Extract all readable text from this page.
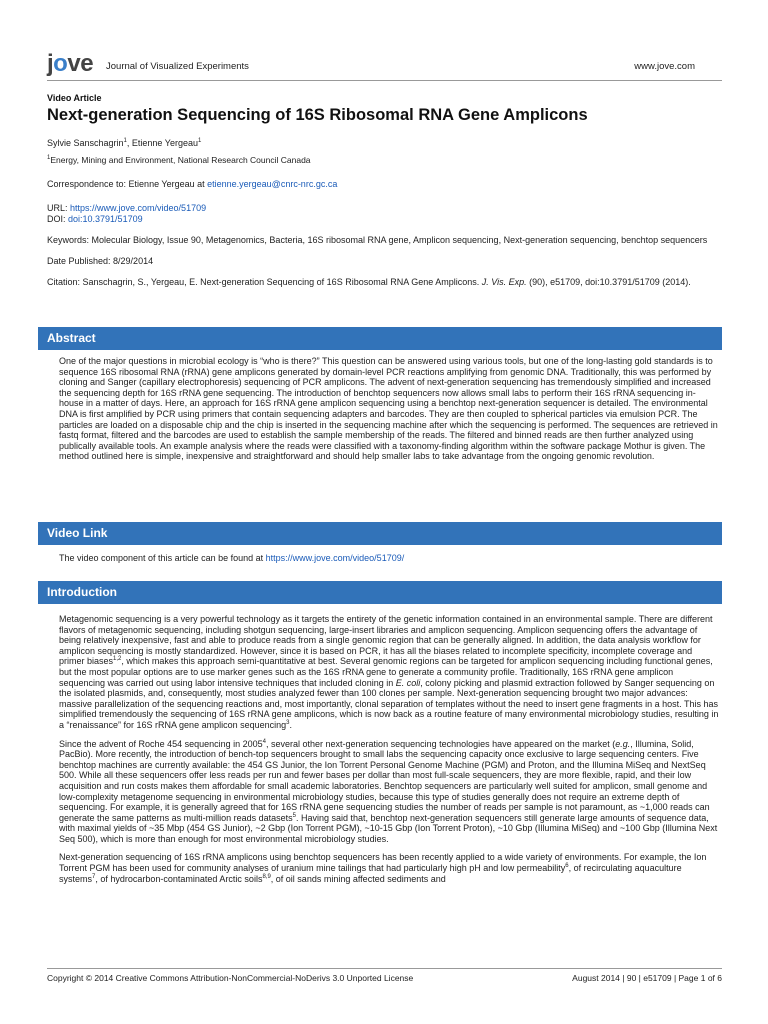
jove Journal of Visualized Experiments	www.jove.com
Video Article
Next-generation Sequencing of 16S Ribosomal RNA Gene Amplicons
Sylvie Sanschagrin$^1$, Etienne Yergeau$^1$
$^1$Energy, Mining and Environment, National Research Council Canada
Correspondence to: Etienne Yergeau at etienne.yergeau@cnrc-nrc.gc.ca
URL: https://www.jove.com/video/51709
DOI: doi:10.3791/51709
Keywords: Molecular Biology, Issue 90, Metagenomics, Bacteria, 16S ribosomal RNA gene, Amplicon sequencing, Next-generation sequencing, benchtop sequencers
Date Published: 8/29/2014
Citation: Sanschagrin, S., Yergeau, E. Next-generation Sequencing of 16S Ribosomal RNA Gene Amplicons. J. Vis. Exp. (90), e51709, doi:10.3791/51709 (2014).
Abstract

One of the major questions in microbial ecology is “who is there?” This question can be answered using various tools, but one of the long-lasting gold standards is to sequence 16S ribosomal RNA (rRNA) gene amplicons generated by domain-level PCR reactions amplifying from genomic DNA. Traditionally, this was performed by cloning and Sanger (capillary electrophoresis) sequencing of PCR amplicons. The advent of next-generation sequencing has tremendously simplified and increased the sequencing depth for 16S rRNA gene sequencing. The introduction of benchtop sequencers now allows small labs to perform their 16S rRNA sequencing in-house in a matter of days. Here, an approach for 16S rRNA gene amplicon sequencing using a benchtop next-generation sequencer is detailed. The environmental DNA is first amplified by PCR using primers that contain sequencing adapters and barcodes. They are then coupled to spherical particles via emulsion PCR. The particles are loaded on a disposable chip and the chip is inserted in the sequencing machine after which the sequencing is performed. The sequences are retrieved in fastq format, filtered and the barcodes are used to establish the sample membership of the reads. The filtered and binned reads are then further analyzed using publically available tools. An example analysis where the reads were classified with a taxonomy-finding algorithm within the software package Mothur is given. The method outlined here is simple, inexpensive and straightforward and should help smaller labs to take advantage from the ongoing genomic revolution.

Video Link

The video component of this article can be found at https://www.jove.com/video/51709/

Introduction

Metagenomic sequencing is a very powerful technology as it targets the entirety of the genetic information contained in an environmental sample. There are different flavors of metagenomic sequencing, including shotgun sequencing, large-insert libraries and amplicon sequencing. Amplicon sequencing offers the advantage of being relatively inexpensive, fast and able to produce reads from a single genomic region that can be generally aligned. In addition, the data analysis workflow for amplicon sequencing is mostly standardized. However, since it is based on PCR, it has all the biases related to incomplete specificity, incomplete coverage and primer biases$^{1,2}$, which makes this approach semi-quantitative at best. Several genomic regions can be targeted for amplicon sequencing including functional genes, but the most popular options are to use marker genes such as the 16S rRNA gene to generate a community profile. Traditionally, 16S rRNA gene amplicon sequencing was carried out using labor intensive techniques that included cloning in E. coli, colony picking and plasmid extraction followed by Sanger sequencing on the isolated plasmids, and, consequently, most studies analyzed fewer than 100 clones per sample. Next-generation sequencing brought two major advances: massive parallelization of the sequencing reactions and, most importantly, clonal separation of templates without the need to insert gene fragments in a host. This has simplified tremendously the sequencing of 16S rRNA gene amplicons, which is now back as a routine feature of many environmental microbiology studies, resulting in a “renaissance” for 16S rRNA gene amplicon sequencing$^3$.

Since the advent of Roche 454 sequencing in 2005$^4$, several other next-generation sequencing technologies have appeared on the market (e.g., Illumina, Solid, PacBio). More recently, the introduction of bench-top sequencers brought to small labs the sequencing capacity once exclusive to large sequencing centers. Five benchtop machines are currently available: the 454 GS Junior, the Ion Torrent Personal Genome Machine (PGM) and Proton, and the Illumina MiSeq and NextSeq 500. While all these sequencers offer less reads per run and fewer bases per dollar than most full-scale sequencers, they are more flexible, rapid, and their low acquisition and run costs makes them affordable for small academic laboratories. Benchtop sequencers are particularly well suited for amplicon, small genome and low-complexity metagenome sequencing in environmental microbiology studies, because this type of studies generally does not require an extreme depth of sequencing. For example, it is generally agreed that for 16S rRNA gene sequencing studies the number of reads per sample is not paramount, as ~1,000 reads can generate the same patterns as multi-million reads datasets$^5$. Having said that, benchtop next-generation sequencers still generate large amounts of sequence data, with maximal yields of ~35 Mbp (454 GS Junior), ~2 Gbp (Ion Torrent PGM), ~10-15 Gbp (Ion Torrent Proton), ~10 Gbp (Illumina MiSeq) and ~100 Gbp (Illumina Next Seq 500), which is more than enough for most environmental microbiology studies.

Next-generation sequencing of 16S rRNA amplicons using benchtop sequencers has been recently applied to a wide variety of environments. For example, the Ion Torrent PGM has been used for community analyses of uranium mine tailings that had particularly high pH and low permeability$^6$, of recirculating aquaculture systems$^7$, of hydrocarbon-contaminated Arctic soils$^{8,9}$, of oil sands mining affected sediments and

Copyright © 2014 Creative Commons Attribution-NonCommercial-NoDerivs 3.0 Unported License	August 2014 | 90 | e51709 | Page 1 of 6
